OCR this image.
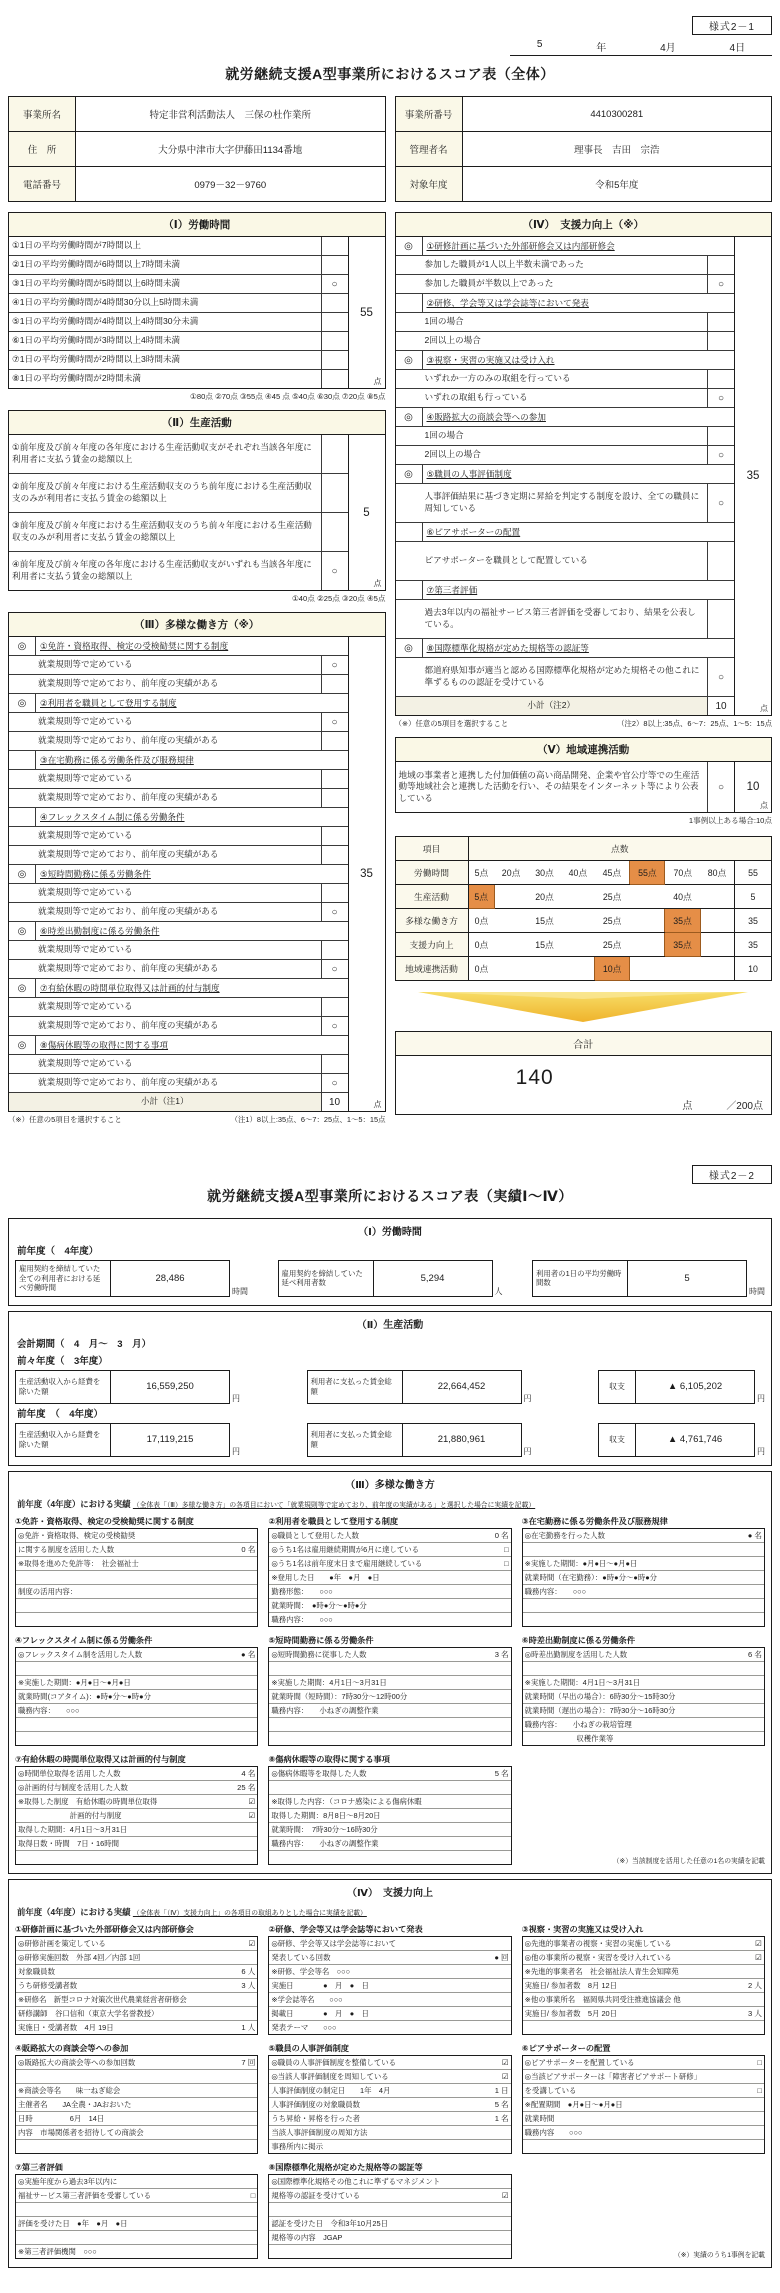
様式2－1
5	年	4月	4日
就労継続支援А型事業所におけるスコア表（全体）
事業所名	特定非営利活動法人　三保の杜作業所
住　所	大分県中津市大字伊藤田1134番地
電話番号	0979－32－9760
（Ⅰ）労働時間
①1日の平均労働時間が7時間以上
②1日の平均労働時間が6時間以上7時間未満
③1日の平均労働時間が5時間以上6時間未満	○
④1日の平均労働時間が4時間30分以上5時間未満
⑤1日の平均労働時間が4時間以上4時間30分未満
⑥1日の平均労働時間が3時間以上4時間未満
⑦1日の平均労働時間が2時間以上3時間未満
⑧1日の平均労働時間が2時間未満
55
点
①80点 ②70点 ③55点 ④45 点 ⑤40点 ⑥30点 ⑦20点 ⑧5点
（Ⅱ）生産活動
①前年度及び前々年度の各年度における生産活動収支がそれぞれ当該各年度に利用者に支払う賃金の総額以上
②前年度及び前々年度における生産活動収支のうち前年度における生産活動収支のみが利用者に支払う賃金の総額以上
③前年度及び前々年度における生産活動収支のうち前々年度における生産活動収支のみが利用者に支払う賃金の総額以上
④前年度及び前々年度の各年度における生産活動収支がいずれも当該各年度に利用者に支払う賃金の総額以上	○
5
点
①40点 ②25点 ③20点 ④5点
（Ⅲ）多様な働き方（※）
◎	①免許・資格取得、検定の受検勧奨に関する制度
就業規則等で定めている	○
就業規則等で定めており、前年度の実績がある
◎	②利用者を職員として登用する制度
就業規則等で定めている	○
就業規則等で定めており、前年度の実績がある
③在宅勤務に係る労働条件及び服務規律
就業規則等で定めている
就業規則等で定めており、前年度の実績がある
④フレックスタイム制に係る労働条件
就業規則等で定めている
就業規則等で定めており、前年度の実績がある
◎	⑤短時間勤務に係る労働条件
就業規則等で定めている
就業規則等で定めており、前年度の実績がある	○
◎	⑥時差出勤制度に係る労働条件
就業規則等で定めている
就業規則等で定めており、前年度の実績がある	○
◎	⑦有給休暇の時間単位取得又は計画的付与制度
就業規則等で定めている
就業規則等で定めており、前年度の実績がある	○
◎	⑧傷病休暇等の取得に関する事項
就業規則等で定めている
就業規則等で定めており、前年度の実績がある	○
小計（注1）	10
35
点
（※）任意の5項目を選択すること	（注1）8以上:35点、6～7：25点、1～5：15点
事業所番号	4410300281
管理者名	理事長　吉田　宗浩
対象年度	令和5年度
（Ⅳ）　支援力向上（※）
◎	①研修計画に基づいた外部研修会又は内部研修会
参加した職員が1人以上半数未満であった
参加した職員が半数以上であった	○
②研修、学会等又は学会誌等において発表
1回の場合
2回以上の場合
◎	③視察・実習の実施又は受け入れ
いずれか一方のみの取組を行っている
いずれの取組も行っている	○
◎	④販路拡大の商談会等への参加
1回の場合
2回以上の場合	○
◎	⑤職員の人事評価制度
人事評価結果に基づき定期に昇給を判定する制度を設け、全ての職員に周知している	○
⑥ピアサポーターの配置
ピアサポーターを職員として配置している
⑦第三者評価
過去3年以内の福祉サービス第三者評価を受審しており、結果を公表している。
◎	⑧国際標準化規格が定めた規格等の認証等
都道府県知事が適当と認める国際標準化規格が定めた規格その他これに準ずるものの認証を受けている	○
小計（注2）	10
35
点
（※）任意の5項目を選択すること	（注2）8以上:35点、6～7：25点、1～5：15点
（Ⅴ）地域連携活動
地域の事業者と連携した付加価値の高い商品開発、企業や官公庁等での生産活動等地域社会と連携した活動を行い、その結果をインターネット等により公表している
○	10
点
1事例以上ある場合:10点
項目	点数								
労働時間	5点	20点	30点	40点	45点	55点	70点	80点	55
生産活動	5点		20点		25点		40点		5
多様な働き方	0点		15点		25点		35点		35
支援力向上	0点		15点		25点		35点		35
地域連携活動	0点				10点				10
合計
140
点	／200点
様式2－2
就労継続支援А型事業所におけるスコア表（実績Ⅰ～Ⅳ）
（Ⅰ）労働時間
前年度（　4年度）
雇用契約を締結していた全ての利用者における延べ労働時間
28,486
時間
雇用契約を締結していた延べ利用者数	5,294
人
利用者の1日の平均労働時間数	5
時間
（Ⅱ）生産活動
会計期間（　4　月～　3　月）
前々年度（　3年度）
生産活動収入から経費を除いた額	16,559,250
円
利用者に支払った賃金総額	22,664,452
円
収支	▲ 6,105,202
円
前年度　（　4年度）
生産活動収入から経費を除いた額	17,119,215
円
利用者に支払った賃金総額	21,880,961
円
収支	▲ 4,761,746
円
（Ⅲ）多様な働き方
前年度（4年度）における実績 （全体表「（Ⅲ）多様な働き方」の各項目において「就業規則等で定めており、前年度の実績がある」と選択した場合に実績を記載）
①免許・資格取得、検定の受検勧奨に関する制度
◎免許・資格取得、検定の受検勧奨
に関する制度を活用した人数	0 名
※取得を進めた免許等：　社会福祉士
制度の活用内容：
②利用者を職員として登用する制度
◎職員として登用した人数	0 名
◎うち1名は雇用継続期間が6月に達している	□
◎うち1名は前年度末日まで雇用継続している	□
※登用した日　　●年　●月　●日
勤務形態：　　○○○
就業時間：　●時●分～●時●分
職務内容：　　○○○
③在宅勤務に係る労働条件及び服務規律
◎在宅勤務を行った人数	● 名
※実施した期間：●月●日～●月●日
就業時間（在宅勤務）：●時●分～●時●分
職務内容：　　○○○
④フレックスタイム制に係る労働条件
◎フレックスタイム制を活用した人数	● 名
※実施した期間：●月●日～●月●日
就業時間(コアタイム)：●時●分～●時●分
職務内容：　　○○○
⑤短時間勤務に係る労働条件
◎短時間勤務に従事した人数	3 名
※実施した期間：4月1日～3月31日
就業時間（短時間）：7時30分～12時00分
職務内容：　　小ねぎの調整作業
⑥時差出勤制度に係る労働条件
◎時差出勤制度を活用した人数	6 名
※実施した期間：4月1日～3月31日
就業時間（早出の場合）：6時30分～15時30分
就業時間（遅出の場合）：7時30分～16時30分
職務内容：　　小ねぎの栽培管理
　　　　　　　収穫作業等
⑦有給休暇の時間単位取得又は計画的付与制度
◎時間単位取得を活用した人数	4 名
◎計画的付与制度を活用した人数	25 名
※取得した制度　有給休暇の時間単位取得	☑
　　　　　　　計画的付与制度	☑
取得した期間：4月1日～3月31日
取得日数・時間　7日・16時間
⑧傷病休暇等の取得に関する事項
◎傷病休暇等を取得した人数	5 名
※取得した内容：（コロナ感染による傷病休暇
取得した期間：8月8日～8月20日
就業時間：　7時30分～16時30分
職務内容：　　小ねぎの調整作業
（※）当該制度を活用した任意の1名の実績を記載
（Ⅳ）　支援力向上
前年度（4年度）における実績 （全体表「（Ⅳ）支援力向上」の各項目の取組ありとした場合に実績を記載）
①研修計画に基づいた外部研修会又は内部研修会
◎研修計画を策定している	☑
◎研修実施回数　外部 4回／内部 1回
対象職員数	6 人
うち研修受講者数	3 人
※研修名　新型コロナ対策次世代農業経営者研修会
研修講師　谷口信和（東京大学名誉教授）
実施日・受講者数　4月 19日	1 人
②研修、学会等又は学会誌等において発表
◎研修、学会等又は学会誌等において
発表している回数	● 回
※研修、学会等名　○○○
実施日　　　　●　月　●　日
※学会誌等名　　○○○
掲載日　　　　●　月　●　日
発表テーマ　　○○○
③視察・実習の実施又は受け入れ
◎先進的事業者の視察・実習の実施している	☑
◎他の事業所の視察・実習を受け入れている	☑
※先進的事業者名　社会福祉法人青生会知障苑
実施日/ 参加者数　8月 12日	2 人
※他の事業所名　福岡県共同受注推進協議会 他
実施日/ 参加者数　5月 20日	3 人
④販路拡大の商談会等への参加
◎販路拡大の商談会等への参加回数	7 回
※商談会等名　　味一ねぎ総会
主催者名　　JA全農・JAおおいた
日時　　　　　6月　14日
内容　市場関係者を招待しての商談会
⑤職員の人事評価制度
◎職員の人事評価制度を整備している	☑
◎当該人事評価制度を周知している	☑
人事評価制度の制定日　　1年　4月	1 日
人事評価制度の対象職員数	5 名
うち昇給・昇格を行った者	1 名
当該人事評価制度の周知方法
事務所内に掲示
⑥ピアサポーターの配置
◎ピアサポーターを配置している	□
◎当該ピアサポーターは「障害者ピアサポート研修」
を受講している	□
※配置期間　●月●日～●月●日
就業時間
職務内容　　○○○
⑦第三者評価
◎実施年度から過去3年以内に
福祉サービス第三者評価を受審している	□
評価を受けた日　●年　●月　●日
※第三者評価機関　○○○
⑧国際標準化規格が定めた規格等の認証等
◎国際標準化規格その他これに準ずるマネジメント
規格等の認証を受けている	☑
認証を受けた日　令和3年10月25日
規格等の内容　JGAP
（※）実績のうち1事例を記載
